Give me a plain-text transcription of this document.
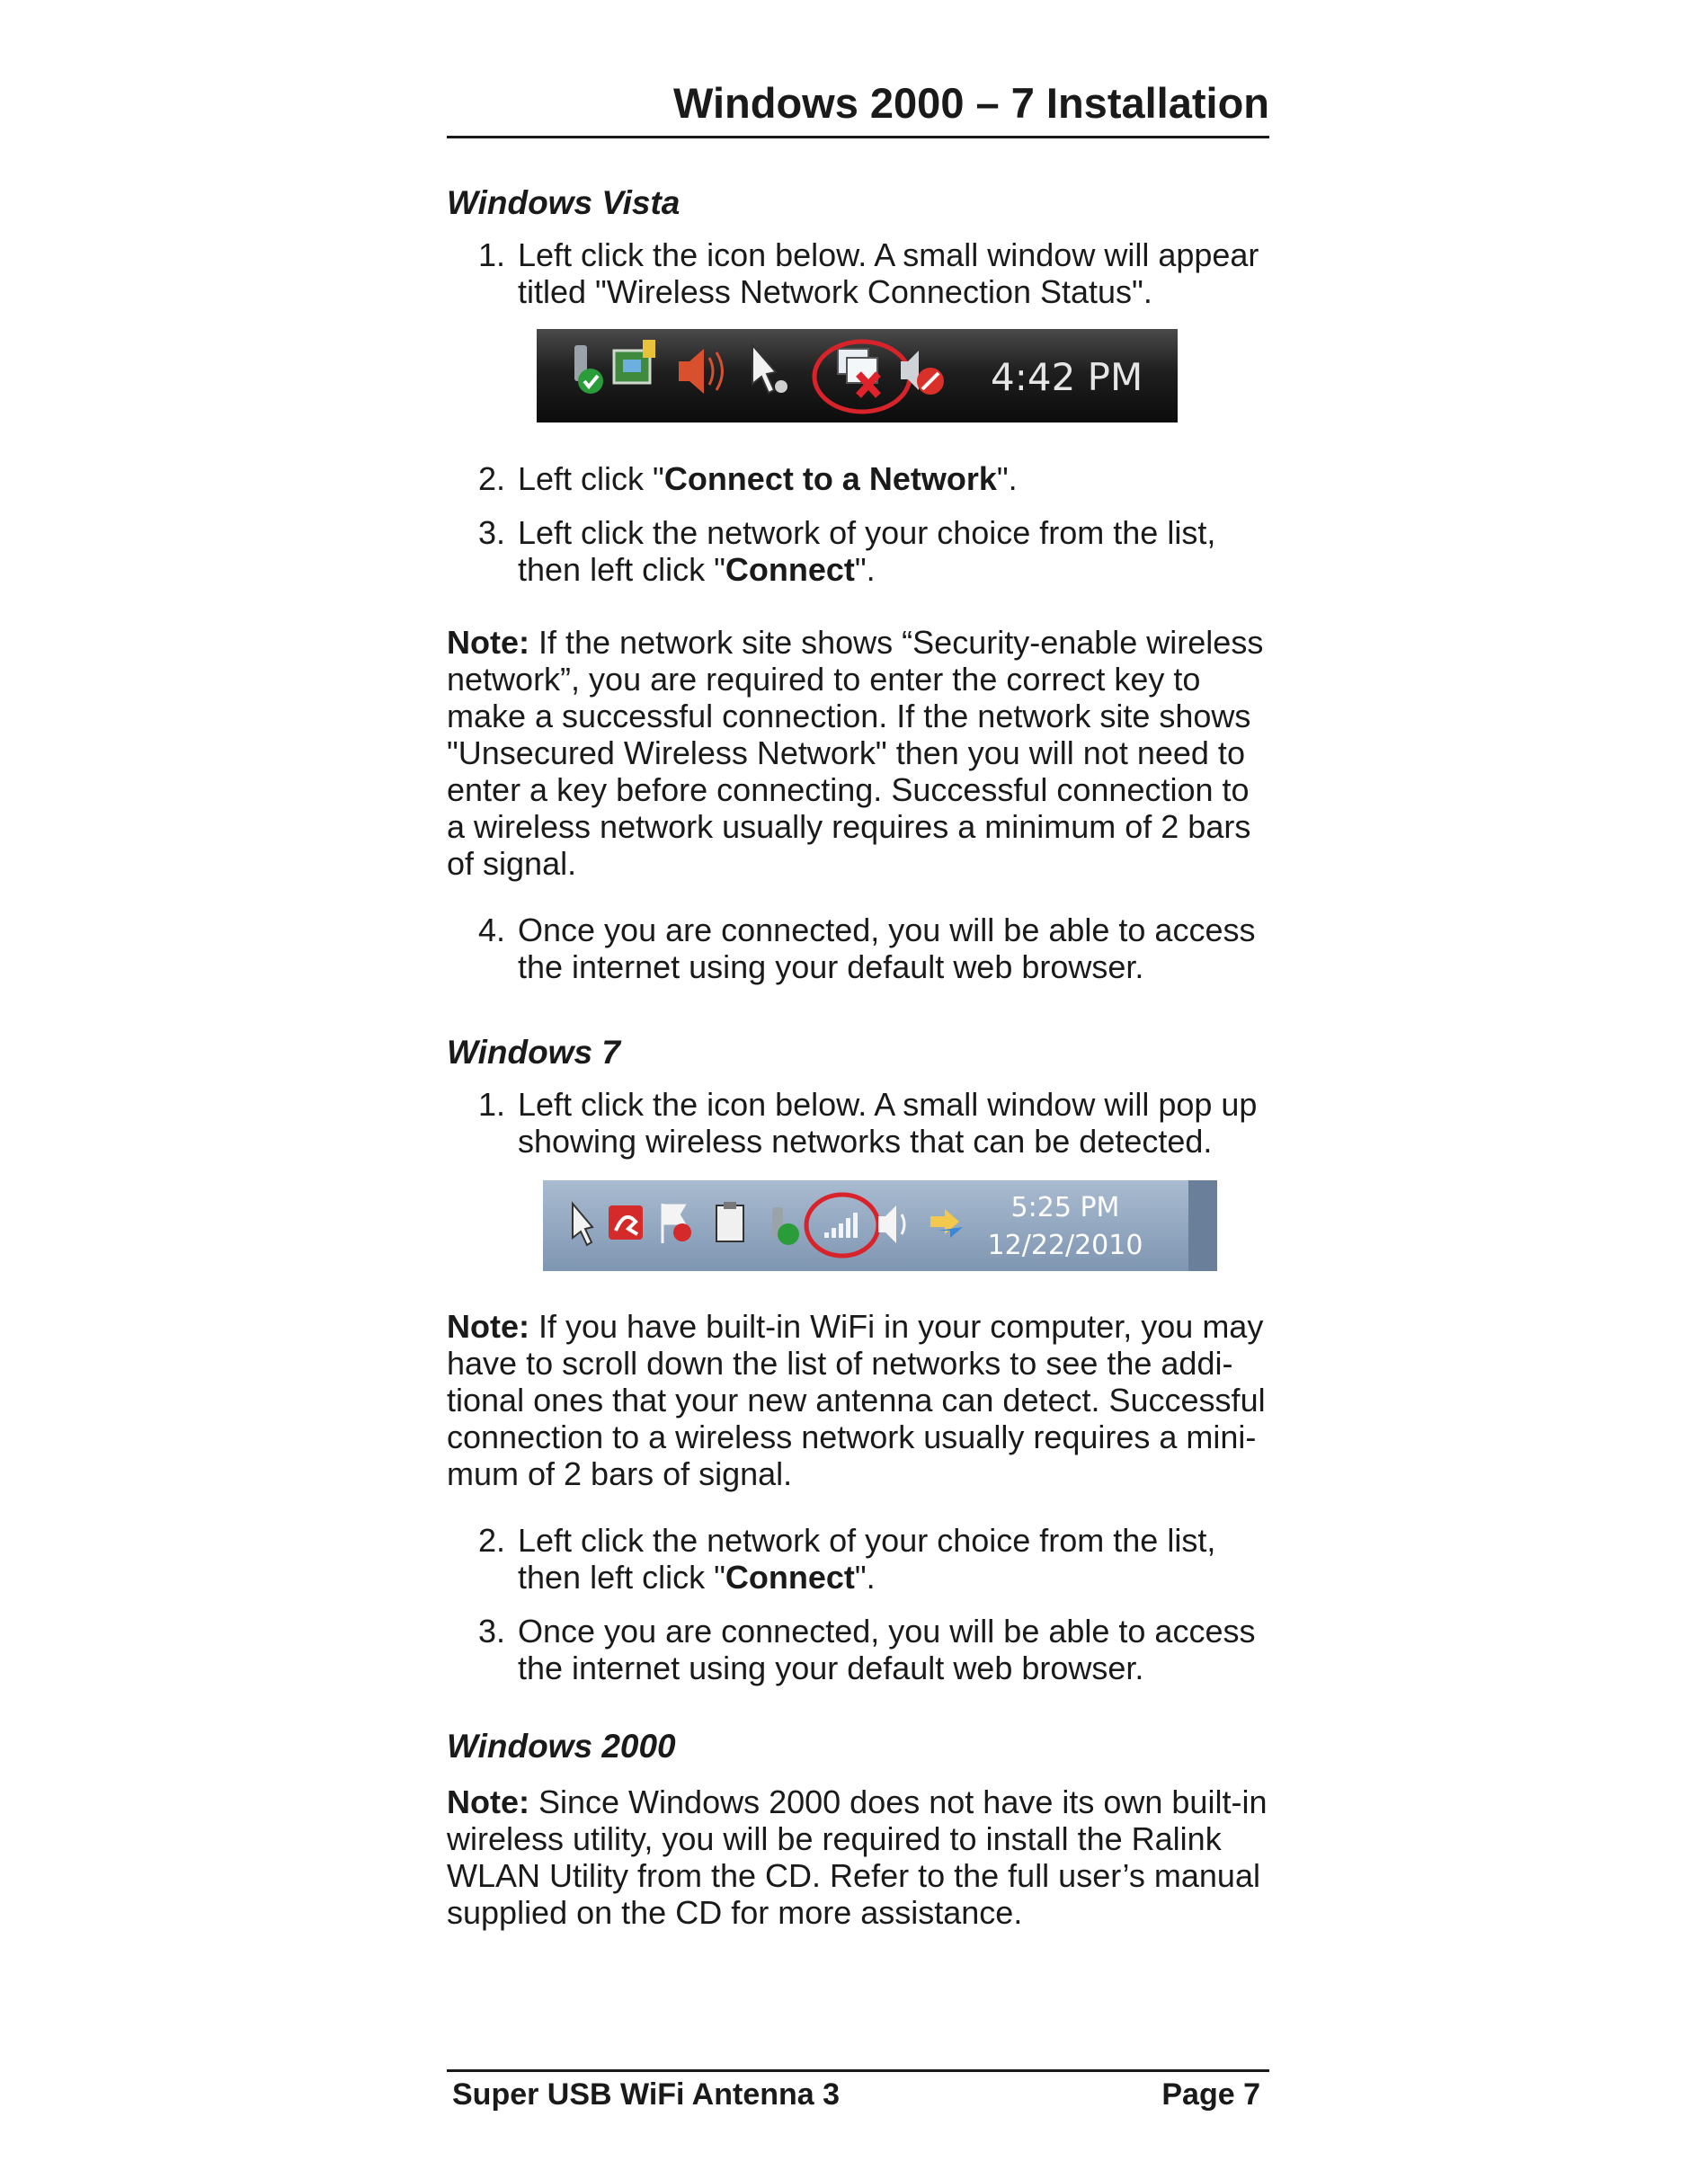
Windows 2000 – 7 Installation

Windows Vista

1. Left click the icon below. A small window will appear
titled "Wireless Network Connection Status".
4:42 PM
2. Left click "Connect to a Network".
3. Left click the network of your choice from the list,
then left click "Connect".

Note: If the network site shows “Security-enable wireless
network”, you are required to enter the correct key to
make a successful connection. If the network site shows
"Unsecured Wireless Network" then you will not need to
enter a key before connecting. Successful connection to
a wireless network usually requires a minimum of 2 bars
of signal.

4. Once you are connected, you will be able to access
the internet using your default web browser.

Windows 7

1. Left click the icon below. A small window will pop up
showing wireless networks that can be detected.
5:25 PM
12/22/2010

Note: If you have built-in WiFi in your computer, you may
have to scroll down the list of networks to see the addi-
tional ones that your new antenna can detect. Successful
connection to a wireless network usually requires a mini-
mum of 2 bars of signal.

2. Left click the network of your choice from the list,
then left click "Connect".
3. Once you are connected, you will be able to access
the internet using your default web browser.

Windows 2000

Note: Since Windows 2000 does not have its own built-in
wireless utility, you will be required to install the Ralink
WLAN Utility from the CD. Refer to the full user’s manual
supplied on the CD for more assistance.

Super USB WiFi Antenna 3	Page 7
